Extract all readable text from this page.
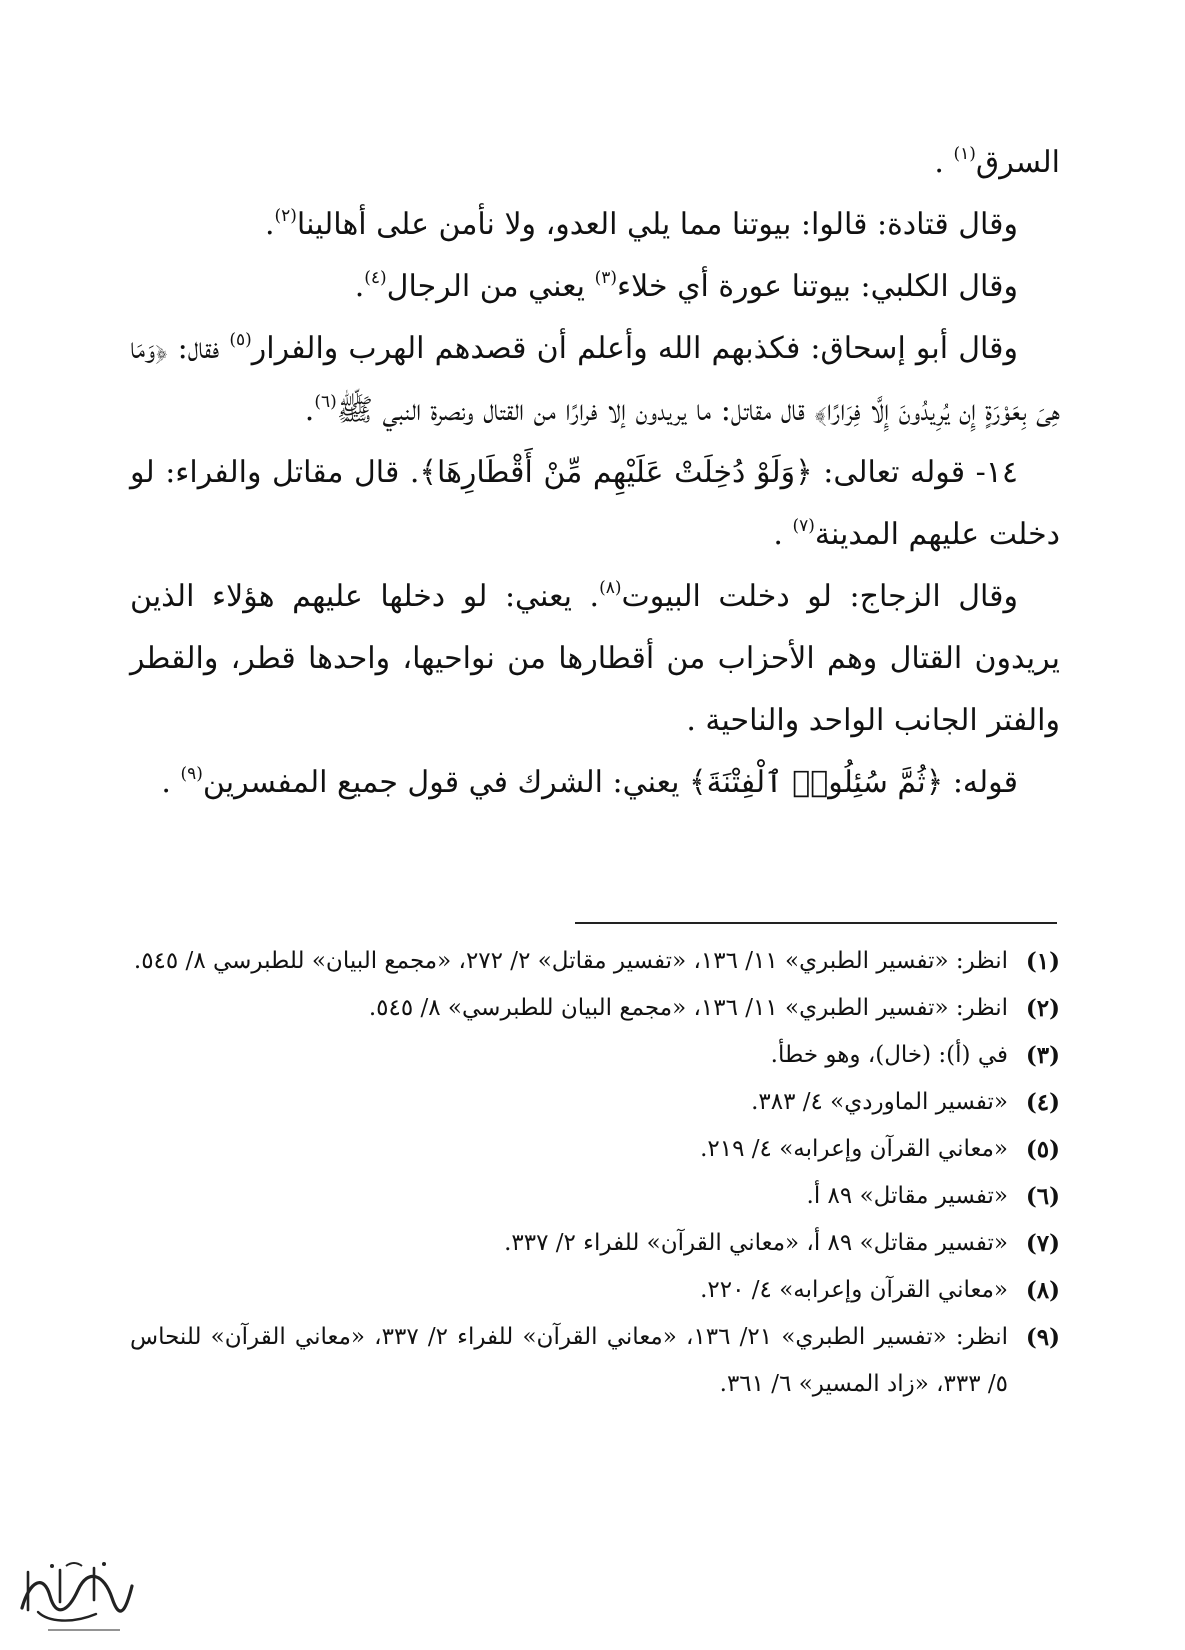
السرق$^{(١)}$ .

وقال قتادة: قالوا: بيوتنا مما يلي العدو، ولا نأمن على أهالينا$^{(٢)}$.

وقال الكلبي: بيوتنا عورة أي خلاء$^{(٣)}$ يعني من الرجال$^{(٤)}$.

وقال أبو إسحاق: فكذبهم الله وأعلم أن قصدهم الهرب والفرار$^{(٥)}$ فقال: ﴿وَمَا هِىَ بِعَوْرَةٍ إِن يُرِيدُونَ إِلَّا فِرَارًا﴾ قال مقاتل: ما يريدون إلا فرارًا من القتال ونصرة النبي ﷺ$^{(٦)}$.

١٤- قوله تعالى: ﴿وَلَوْ دُخِلَتْ عَلَيْهِم مِّنْ أَقْطَارِهَا﴾. قال مقاتل والفراء: لو دخلت عليهم المدينة$^{(٧)}$ .

وقال الزجاج: لو دخلت البيوت$^{(٨)}$. يعني: لو دخلها عليهم هؤلاء الذين يريدون القتال وهم الأحزاب من أقطارها من نواحيها، واحدها قطر، والقطر والفتر الجانب الواحد والناحية .

قوله: ﴿ثُمَّ سُئِلُوا۟ ٱلْفِتْنَةَ﴾ يعني: الشرك في قول جميع المفسرين$^{(٩)}$ .

(١)
انظر: «تفسير الطبري» ١١/ ١٣٦، «تفسير مقاتل» ٢/ ٢٧٢، «مجمع البيان» للطبرسي ٨/ ٥٤٥.
(٢)
انظر: «تفسير الطبري» ١١/ ١٣٦، «مجمع البيان للطبرسي» ٨/ ٥٤٥.
(٣)
في (أ): (خال)، وهو خطأ.
(٤)
«تفسير الماوردي» ٤/ ٣٨٣.
(٥)
«معاني القرآن وإعرابه» ٤/ ٢١٩.
(٦)
«تفسير مقاتل» ٨٩ أ.
(٧)
«تفسير مقاتل» ٨٩ أ، «معاني القرآن» للفراء ٢/ ٣٣٧.
(٨)
«معاني القرآن وإعرابه» ٤/ ٢٢٠.
(٩)
انظر: «تفسير الطبري» ٢١/ ١٣٦، «معاني القرآن» للفراء ٢/ ٣٣٧، «معاني القرآن» للنحاس ٥/ ٣٣٣، «زاد المسير» ٦/ ٣٦١.
